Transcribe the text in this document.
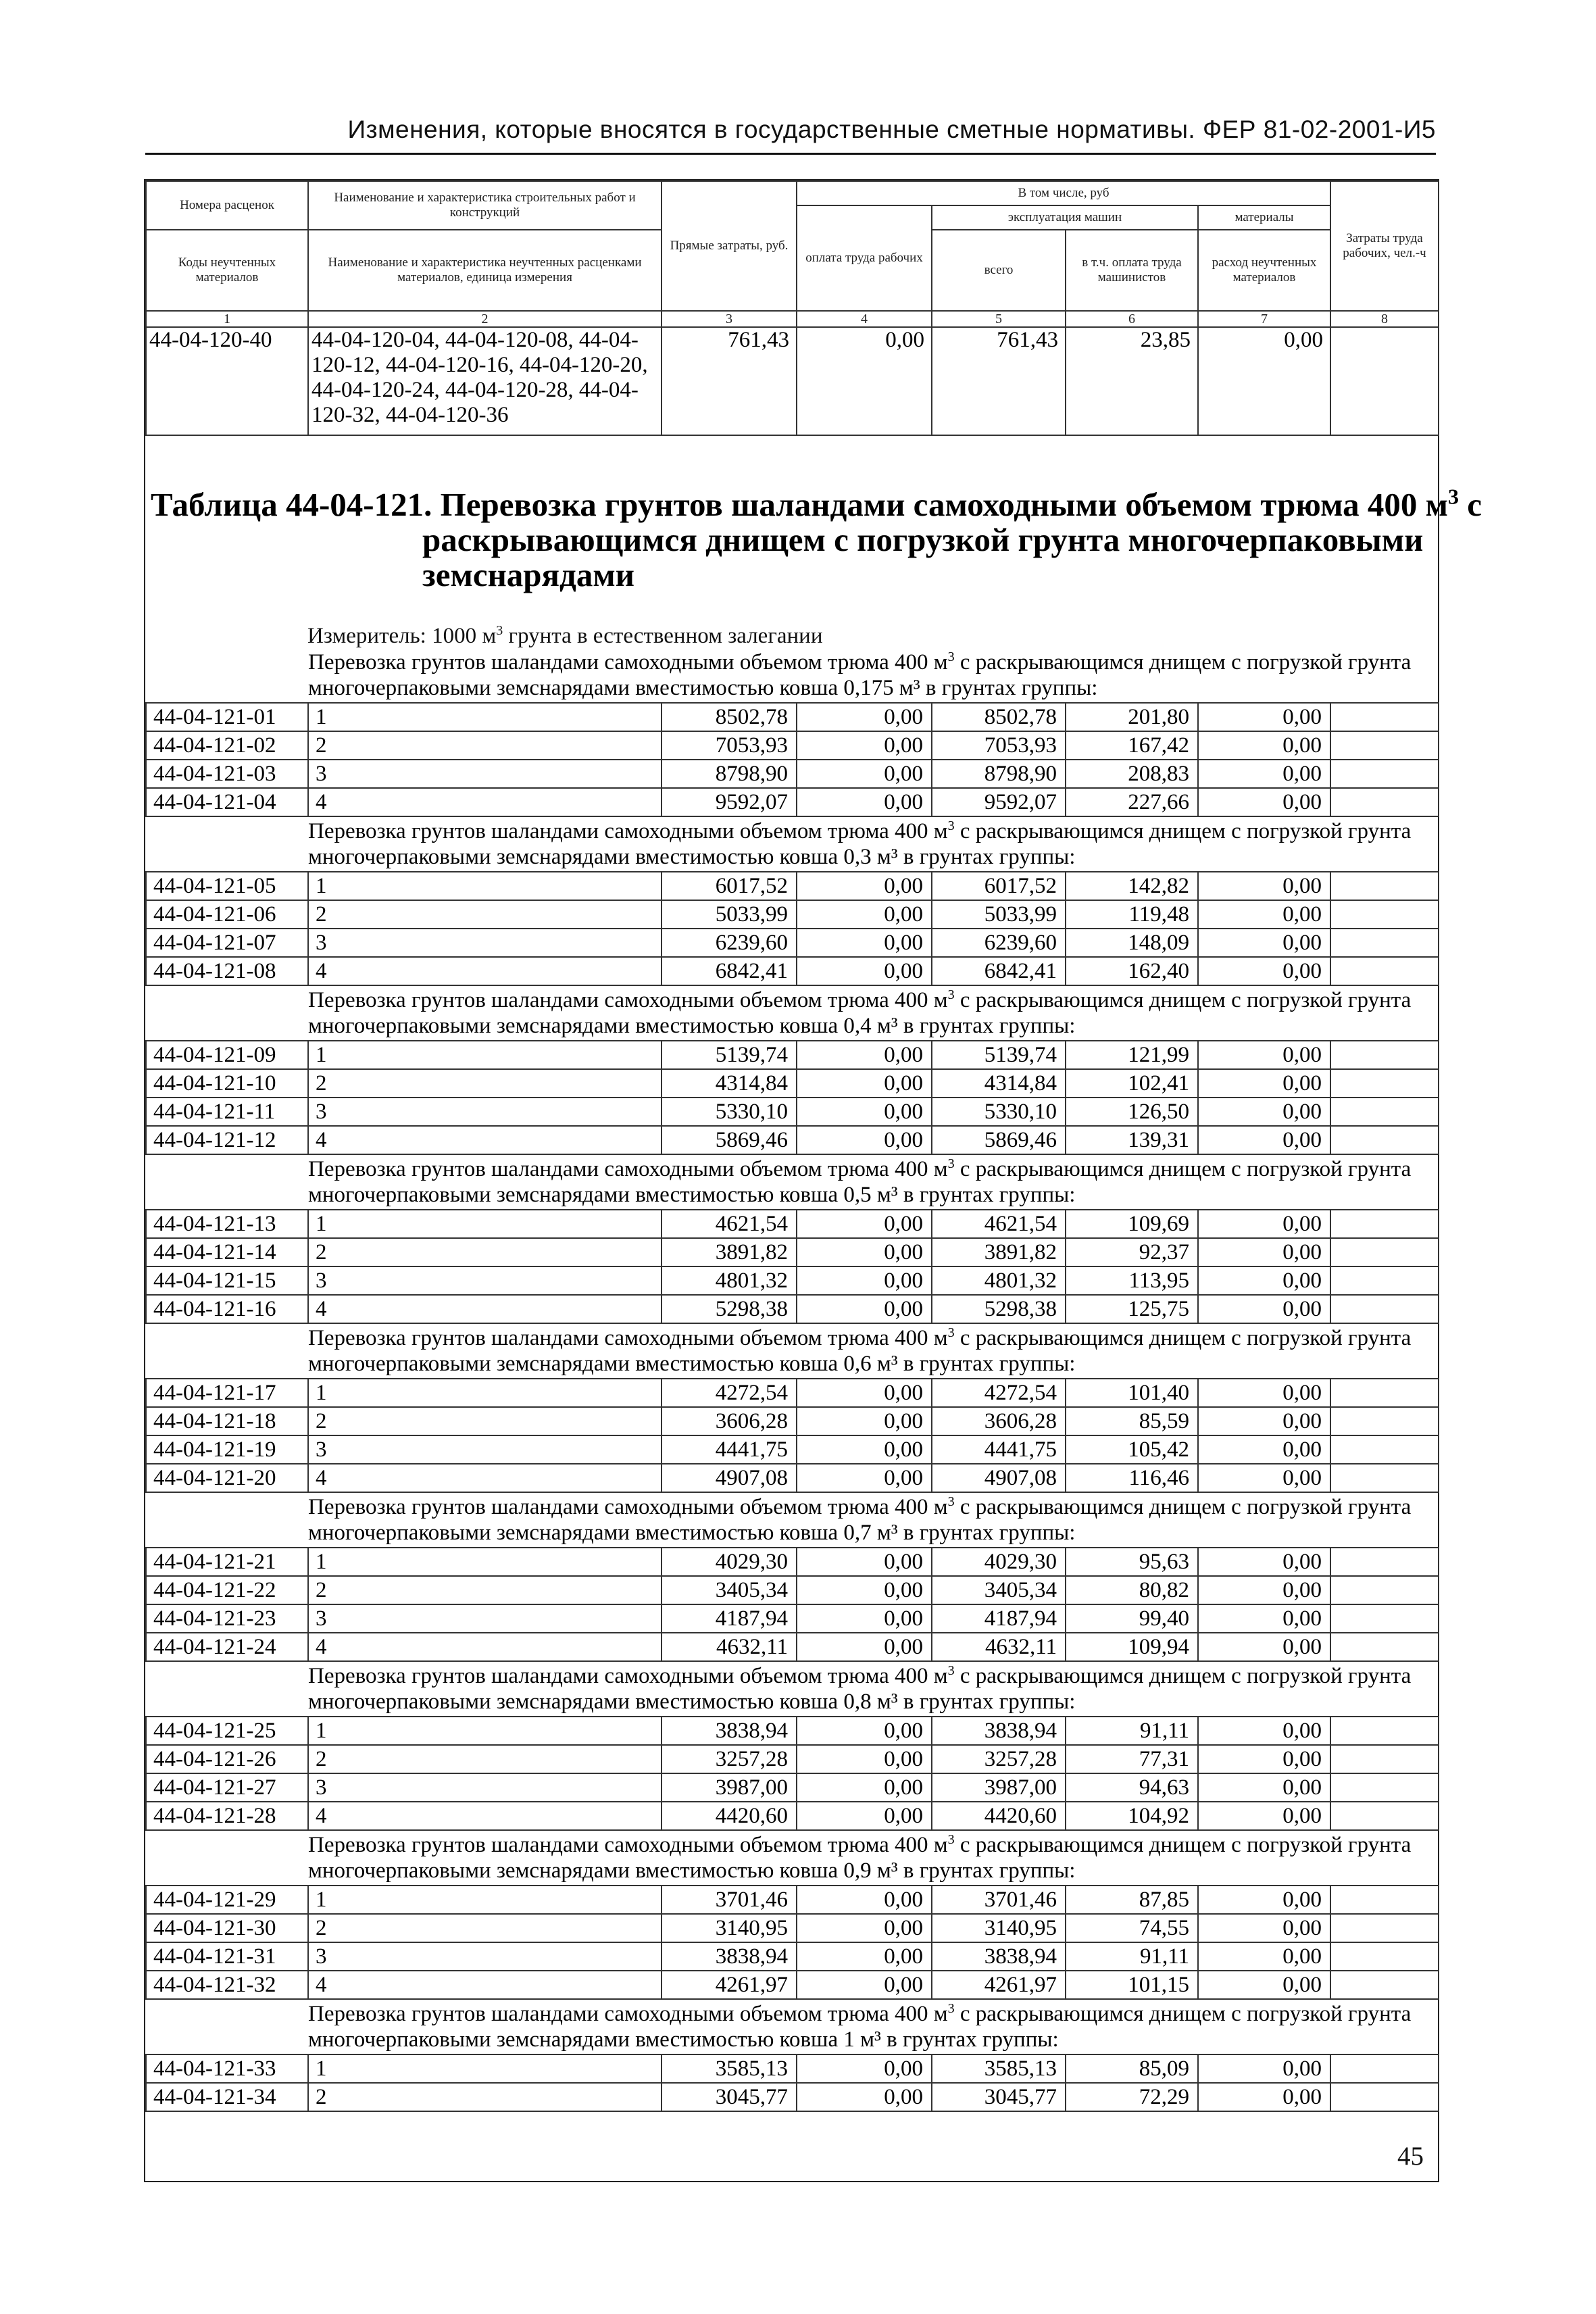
Изменения, которые вносятся в государственные сметные нормативы. ФЕР 81-02-2001-И5
Номера расценок	Наименование и характеристика строительных работ и конструкций	Прямые затраты, руб.	В том числе, руб				Затраты труда рабочих, чел.-ч
			оплата труда рабочих	эксплуатация машин		материалы	
Коды неучтенных материалов	Наименование и характеристика неучтенных расценками материалов, единица измерения			всего	в т.ч. оплата труда машинистов	расход неучтенных материалов	

1	2	3	4	5	6	7	8
44-04-120-40	44-04-120-04, 44-04-120-08, 44-04-120-12, 44-04-120-16, 44-04-120-20, 44-04-120-24, 44-04-120-28, 44-04-120-32, 44-04-120-36	761,43	0,00	761,43	23,85	0,00	
Таблица 44-04-121. Перевозка грунтов шаландами самоходными объемом трюма 400 $м^3$ с
раскрывающимся днищем с погрузкой грунта многочерпаковыми земснарядами
Измеритель: 1000 $м^3$ грунта в естественном залегании
Перевозка грунтов шаландами самоходными объемом трюма 400 $м^3$ с раскрывающимся днищем с погрузкой грунта многочерпаковыми земснарядами вместимостью ковша 0,175 м³ в грунтах группы:							
44-04-121-01	1	8502,78	0,00	8502,78	201,80	0,00	
44-04-121-02	2	7053,93	0,00	7053,93	167,42	0,00	
44-04-121-03	3	8798,90	0,00	8798,90	208,83	0,00	
44-04-121-04	4	9592,07	0,00	9592,07	227,66	0,00	
Перевозка грунтов шаландами самоходными объемом трюма 400 $м^3$ с раскрывающимся днищем с погрузкой грунта многочерпаковыми земснарядами вместимостью ковша 0,3 м³ в грунтах группы:							
44-04-121-05	1	6017,52	0,00	6017,52	142,82	0,00	
44-04-121-06	2	5033,99	0,00	5033,99	119,48	0,00	
44-04-121-07	3	6239,60	0,00	6239,60	148,09	0,00	
44-04-121-08	4	6842,41	0,00	6842,41	162,40	0,00	
Перевозка грунтов шаландами самоходными объемом трюма 400 $м^3$ с раскрывающимся днищем с погрузкой грунта многочерпаковыми земснарядами вместимостью ковша 0,4 м³ в грунтах группы:							
44-04-121-09	1	5139,74	0,00	5139,74	121,99	0,00	
44-04-121-10	2	4314,84	0,00	4314,84	102,41	0,00	
44-04-121-11	3	5330,10	0,00	5330,10	126,50	0,00	
44-04-121-12	4	5869,46	0,00	5869,46	139,31	0,00	
Перевозка грунтов шаландами самоходными объемом трюма 400 $м^3$ с раскрывающимся днищем с погрузкой грунта многочерпаковыми земснарядами вместимостью ковша 0,5 м³ в грунтах группы:							
44-04-121-13	1	4621,54	0,00	4621,54	109,69	0,00	
44-04-121-14	2	3891,82	0,00	3891,82	92,37	0,00	
44-04-121-15	3	4801,32	0,00	4801,32	113,95	0,00	
44-04-121-16	4	5298,38	0,00	5298,38	125,75	0,00	
Перевозка грунтов шаландами самоходными объемом трюма 400 $м^3$ с раскрывающимся днищем с погрузкой грунта многочерпаковыми земснарядами вместимостью ковша 0,6 м³ в грунтах группы:							
44-04-121-17	1	4272,54	0,00	4272,54	101,40	0,00	
44-04-121-18	2	3606,28	0,00	3606,28	85,59	0,00	
44-04-121-19	3	4441,75	0,00	4441,75	105,42	0,00	
44-04-121-20	4	4907,08	0,00	4907,08	116,46	0,00	
Перевозка грунтов шаландами самоходными объемом трюма 400 $м^3$ с раскрывающимся днищем с погрузкой грунта многочерпаковыми земснарядами вместимостью ковша 0,7 м³ в грунтах группы:							
44-04-121-21	1	4029,30	0,00	4029,30	95,63	0,00	
44-04-121-22	2	3405,34	0,00	3405,34	80,82	0,00	
44-04-121-23	3	4187,94	0,00	4187,94	99,40	0,00	
44-04-121-24	4	4632,11	0,00	4632,11	109,94	0,00	
Перевозка грунтов шаландами самоходными объемом трюма 400 $м^3$ с раскрывающимся днищем с погрузкой грунта многочерпаковыми земснарядами вместимостью ковша 0,8 м³ в грунтах группы:							
44-04-121-25	1	3838,94	0,00	3838,94	91,11	0,00	
44-04-121-26	2	3257,28	0,00	3257,28	77,31	0,00	
44-04-121-27	3	3987,00	0,00	3987,00	94,63	0,00	
44-04-121-28	4	4420,60	0,00	4420,60	104,92	0,00	
Перевозка грунтов шаландами самоходными объемом трюма 400 $м^3$ с раскрывающимся днищем с погрузкой грунта многочерпаковыми земснарядами вместимостью ковша 0,9 м³ в грунтах группы:							
44-04-121-29	1	3701,46	0,00	3701,46	87,85	0,00	
44-04-121-30	2	3140,95	0,00	3140,95	74,55	0,00	
44-04-121-31	3	3838,94	0,00	3838,94	91,11	0,00	
44-04-121-32	4	4261,97	0,00	4261,97	101,15	0,00	
Перевозка грунтов шаландами самоходными объемом трюма 400 $м^3$ с раскрывающимся днищем с погрузкой грунта многочерпаковыми земснарядами вместимостью ковша 1 м³ в грунтах группы:							
44-04-121-33	1	3585,13	0,00	3585,13	85,09	0,00	
44-04-121-34	2	3045,77	0,00	3045,77	72,29	0,00	
45
